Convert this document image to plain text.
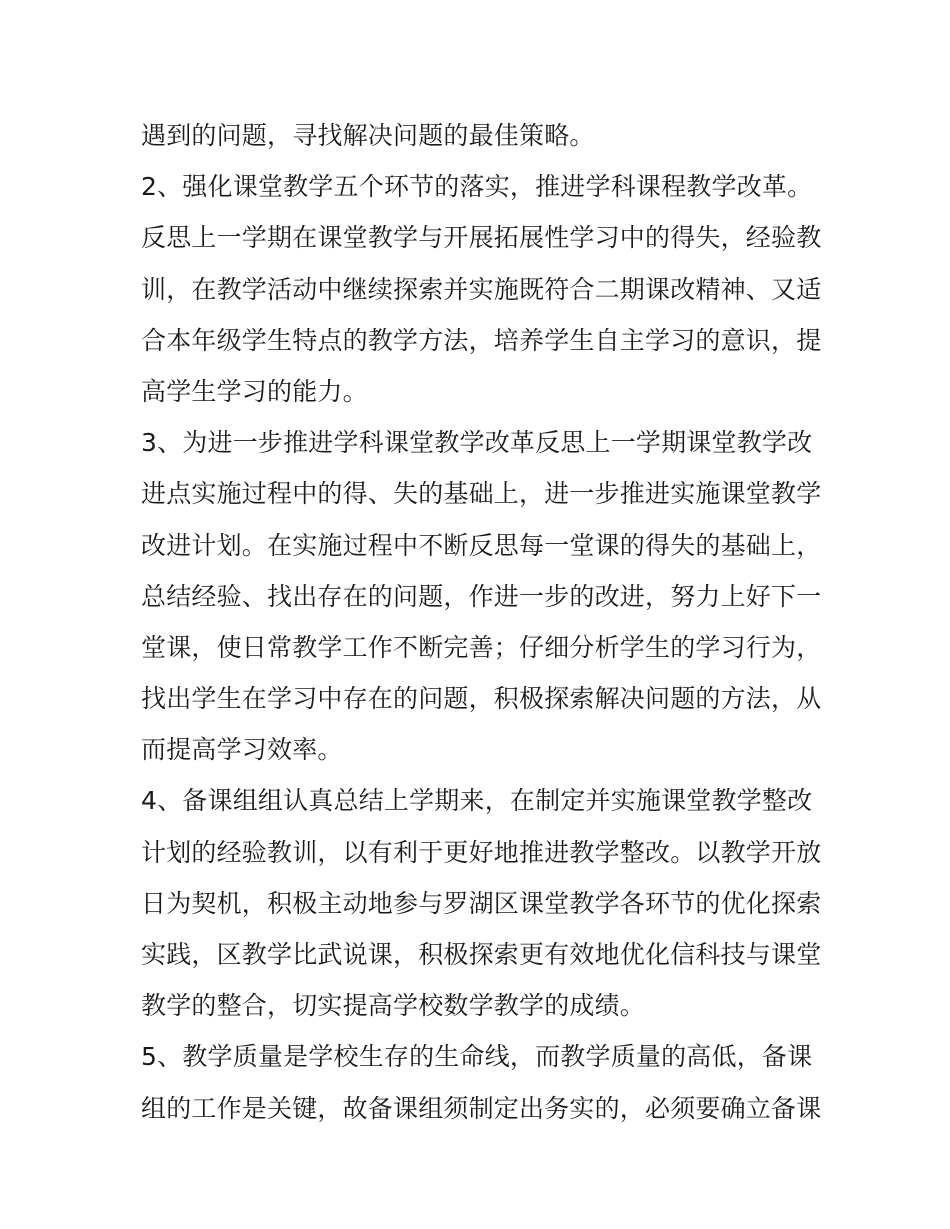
遇到的问题，寻找解决问题的最佳策略。
2、强化课堂教学五个环节的落实，推进学科课程教学改革。
反思上一学期在课堂教学与开展拓展性学习中的得失，经验教
训，在教学活动中继续探索并实施既符合二期课改精神、又适
合本年级学生特点的教学方法，培养学生自主学习的意识，提
高学生学习的能力。
3、为进一步推进学科课堂教学改革反思上一学期课堂教学改
进点实施过程中的得、失的基础上，进一步推进实施课堂教学
改进计划。在实施过程中不断反思每一堂课的得失的基础上，
总结经验、找出存在的问题，作进一步的改进，努力上好下一
堂课，使日常教学工作不断完善；仔细分析学生的学习行为，
找出学生在学习中存在的问题，积极探索解决问题的方法，从
而提高学习效率。
4、备课组组认真总结上学期来，在制定并实施课堂教学整改
计划的经验教训，以有利于更好地推进教学整改。以教学开放
日为契机，积极主动地参与罗湖区课堂教学各环节的优化探索
实践，区教学比武说课，积极探索更有效地优化信科技与课堂
教学的整合，切实提高学校数学教学的成绩。
5、教学质量是学校生存的生命线，而教学质量的高低，备课
组的工作是关键，故备课组须制定出务实的，必须要确立备课
